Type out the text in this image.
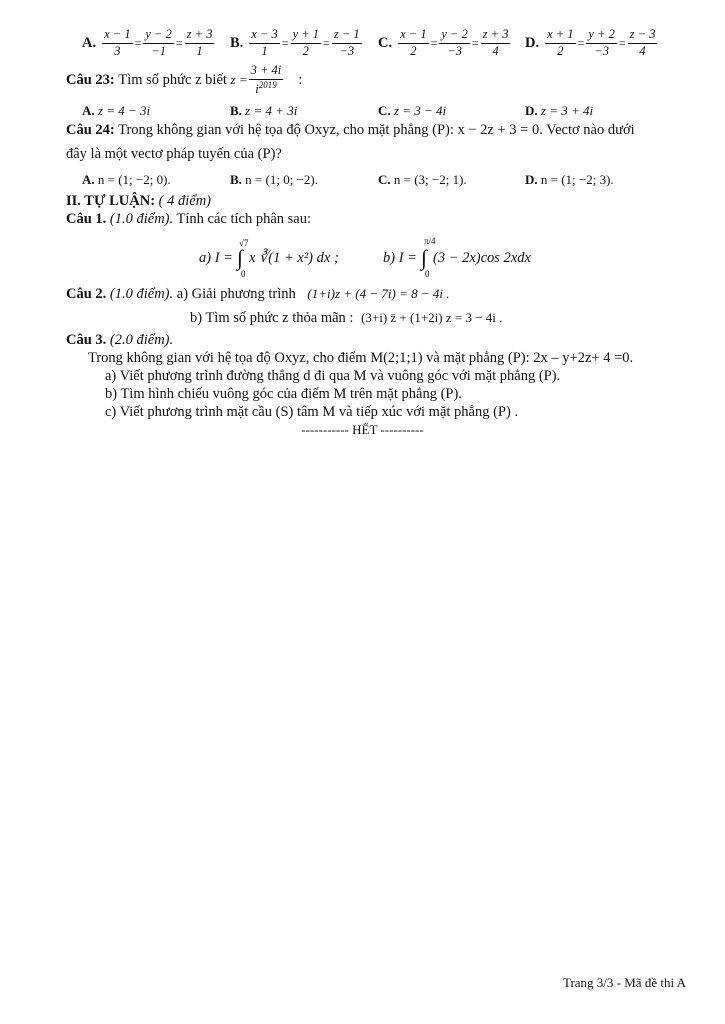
A. $\frac{x - 1}{3} = \frac{y - 2}{-1} = \frac{z + 3}{1} B$. $\frac{x - 3}{1} = \frac{y + 1}{2} = \frac{z - 1}{-3} C$. $\frac{x - 1}{2} = \frac{y - 2}{-3} = \frac{z + 3}{4} D$. $\frac{x + 1}{2} = \frac{y + 2}{-3} = \frac{z - 3}{4}$
Câu 23:
Tìm số phức z biết
$z = \frac{3 + 4i}{i^{2019}}$ :
A. z = 4 − 3i	B. z = 4 + 3i	C. z = 3 − 4i	D. z = 3 + 4i
Câu 24: Trong không gian với hệ tọa độ Oxyz, cho mặt phẳng (P): x − 2z + 3 = 0. Vectơ nào dưới
đây là một vectơ pháp tuyến của (P)?
A. n = (1; −2; 0).	B. n = (1; 0; −2).	C. n = (3; −2; 1).	D. n = (1; −2; 3).
II. TỰ LUẬN: ( 4 điểm)
Câu 1. (1.0 điểm). Tính các tích phân sau:
a) I = ∫
√7
0
x ∛(1 + x²) dx ;	b) I = ∫
π/4
0
(3 − 2x)cos 2xdx
Câu 2. (1.0 điểm). a) Giải phương trình (1+i)z + (4 − 7i) = 8 − 4i .
b) Tìm số phức z thỏa mãn : (3+i) z̄ + (1+2i) z = 3 − 4i .
Câu 3. (2.0 điểm).
Trong không gian với hệ tọa độ Oxyz, cho điểm M(2;1;1) và mặt phẳng (P): 2x – y+2z+ 4 =0.
a) Viết phương trình đường thẳng d đi qua M và vuông góc với mặt phẳng (P).
b) Tìm hình chiếu vuông góc của điểm M trên mặt phẳng (P).
c) Viết phương trình mặt cầu (S) tâm M và tiếp xúc với mặt phẳng (P) .
----------- HẾT ----------
Trang 3/3 - Mã đề thi A
